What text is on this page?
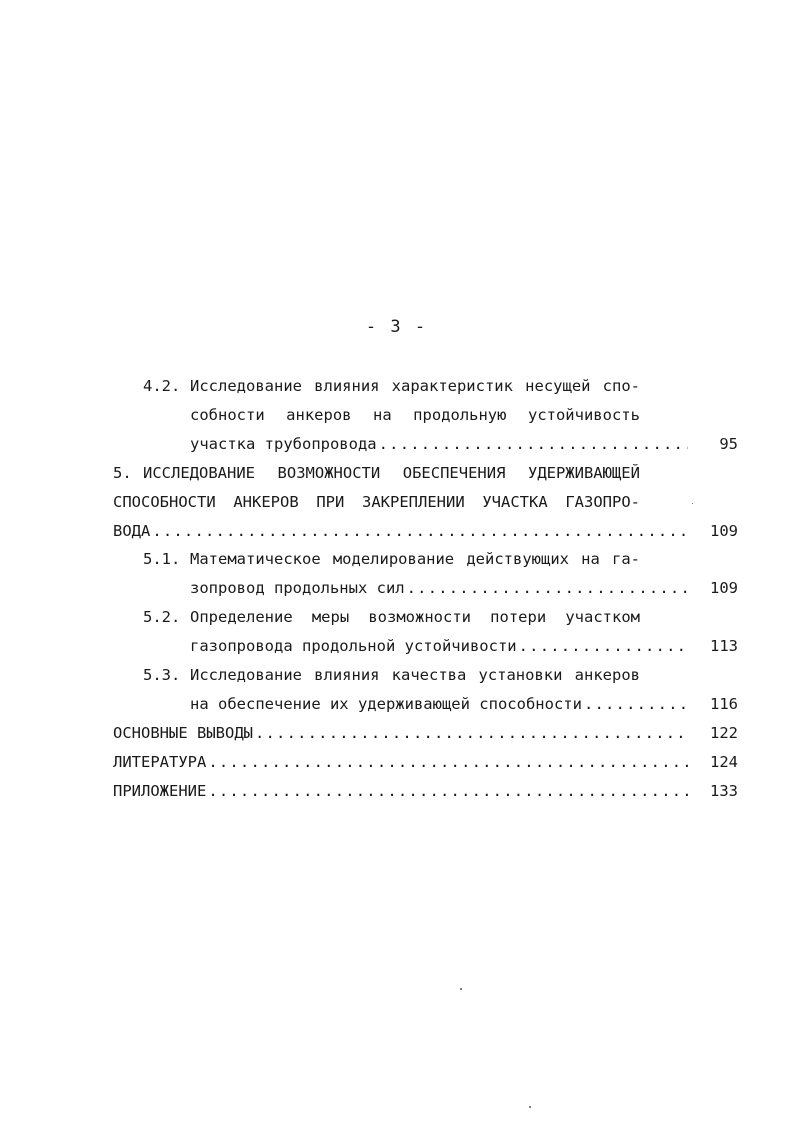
- 3 -
4.2. Исследование влияния характеристик несущей спо-
собности анкеров на продольную устойчивость
участка трубопровода .....	95
5. ИССЛЕДОВАНИЕ ВОЗМОЖНОСТИ ОБЕСПЕЧЕНИЯ УДЕРЖИВАЮЩЕЙ
СПОСОБНОСТИ АНКЕРОВ ПРИ ЗАКРЕПЛЕНИИ УЧАСТКА ГАЗОПРО-
ВОДА .....	109
5.1. Математическое моделирование действующих на га-
зопровод продольных сил .....	109
5.2. Определение меры возможности потери участком
газопровода продольной устойчивости .....	113
5.3. Исследование влияния качества установки анкеров
на обеспечение их удерживающей способности .....	116
ОСНОВНЫЕ ВЫВОДЫ .....	122
ЛИТЕРАТУРА .....	124
ПРИЛОЖЕНИЕ .....	133
